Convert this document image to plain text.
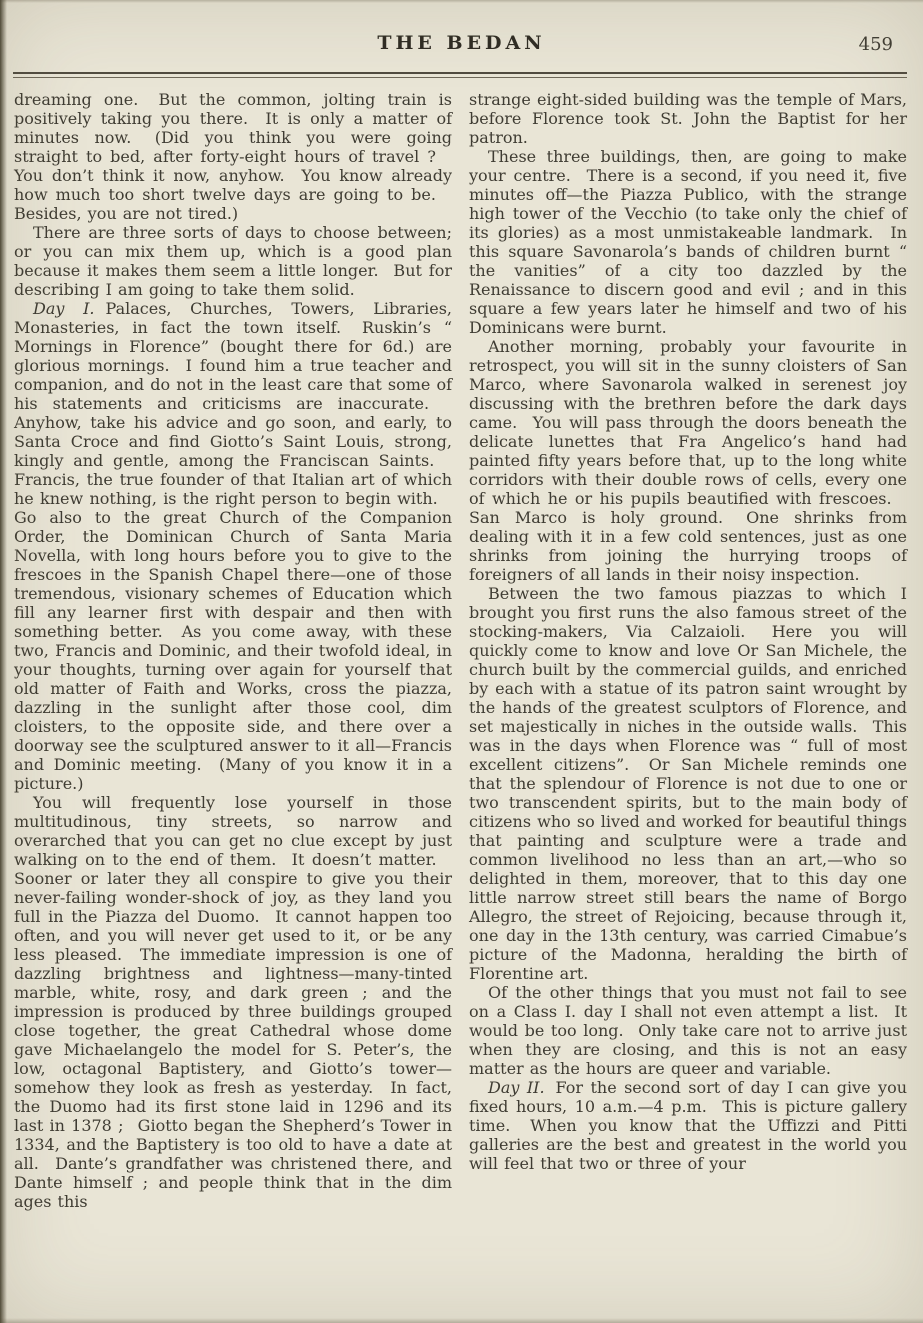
THE BEDAN	459

dreaming one.  But the common, jolting train is positively taking you there.  It is only a matter of minutes now.  (Did you think you were going straight to bed, after forty-eight hours of travel ?  You don’t think it now, anyhow.  You know already how much too short twelve days are going to be.  Besides, you are not tired.)

There are three sorts of days to choose between; or you can mix them up, which is a good plan because it makes them seem a little longer.  But for describing I am going to take them solid.

Day I. Palaces, Churches, Towers, Libraries, Monasteries, in fact the town itself.  Ruskin’s “ Mornings in Florence” (bought there for 6d.) are glorious mornings.  I found him a true teacher and companion, and do not in the least care that some of his statements and criticisms are inaccurate.  Anyhow, take his advice and go soon, and early, to Santa Croce and find Giotto’s Saint Louis, strong, kingly and gentle, among the Franciscan Saints.  Francis, the true founder of that Italian art of which he knew nothing, is the right person to begin with.  Go also to the great Church of the Companion Order, the Dominican Church of Santa Maria Novella, with long hours before you to give to the frescoes in the Spanish Chapel there—one of those tremendous, visionary schemes of Education which fill any learner first with despair and then with something better.  As you come away, with these two, Francis and Dominic, and their twofold ideal, in your thoughts, turning over again for yourself that old matter of Faith and Works, cross the piazza, dazzling in the sunlight after those cool, dim cloisters, to the opposite side, and there over a doorway see the sculptured answer to it all—Francis and Dominic meeting.  (Many of you know it in a picture.)

You will frequently lose yourself in those multitudinous, tiny streets, so narrow and overarched that you can get no clue except by just walking on to the end of them.  It doesn’t matter.  Sooner or later they all conspire to give you their never-failing wonder-shock of joy, as they land you full in the Piazza del Duomo.  It cannot happen too often, and you will never get used to it, or be any less pleased.  The immediate impression is one of dazzling brightness and lightness—many-tinted marble, white, rosy, and dark green ; and the impression is produced by three buildings grouped close together, the great Cathedral whose dome gave Michaelangelo the model for S. Peter’s, the low, octagonal Baptistery, and Giotto’s tower—somehow they look as fresh as yesterday.  In fact, the Duomo had its first stone laid in 1296 and its last in 1378 ;  Giotto began the Shepherd’s Tower in 1334, and the Baptistery is too old to have a date at all.  Dante’s grandfather was christened there, and Dante himself ; and people think that in the dim ages this

strange eight-sided building was the temple of Mars, before Florence took St. John the Baptist for her patron.

These three buildings, then, are going to make your centre.  There is a second, if you need it, five minutes off—the Piazza Publico, with the strange high tower of the Vecchio (to take only the chief of its glories) as a most unmistakeable landmark.  In this square Savonarola’s bands of children burnt “ the vanities” of a city too dazzled by the Renaissance to discern good and evil ; and in this square a few years later he himself and two of his Dominicans were burnt.

Another morning, probably your favourite in retrospect, you will sit in the sunny cloisters of San Marco, where Savonarola walked in serenest joy discussing with the brethren before the dark days came.  You will pass through the doors beneath the delicate lunettes that Fra Angelico’s hand had painted fifty years before that, up to the long white corridors with their double rows of cells, every one of which he or his pupils beautified with frescoes.  San Marco is holy ground.  One shrinks from dealing with it in a few cold sentences, just as one shrinks from joining the hurrying troops of foreigners of all lands in their noisy inspection.

Between the two famous piazzas to which I brought you first runs the also famous street of the stocking-makers, Via Calzaioli.  Here you will quickly come to know and love Or San Michele, the church built by the commercial guilds, and enriched by each with a statue of its patron saint wrought by the hands of the greatest sculptors of Florence, and set majestically in niches in the outside walls.  This was in the days when Florence was “ full of most excellent citizens”.  Or San Michele reminds one that the splendour of Florence is not due to one or two transcendent spirits, but to the main body of citizens who so lived and worked for beautiful things that painting and sculpture were a trade and common livelihood no less than an art,—who so delighted in them, moreover, that to this day one little narrow street still bears the name of Borgo Allegro, the street of Rejoicing, because through it, one day in the 13th century, was carried Cimabue’s picture of the Madonna, heralding the birth of Florentine art.

Of the other things that you must not fail to see on a Class I. day I shall not even attempt a list.  It would be too long.  Only take care not to arrive just when they are closing, and this is not an easy matter as the hours are queer and variable.

Day II. For the second sort of day I can give you fixed hours, 10 a.m.—4 p.m.  This is picture gallery time.  When you know that the Uffizzi and Pitti galleries are the best and greatest in the world you will feel that two or three of your
